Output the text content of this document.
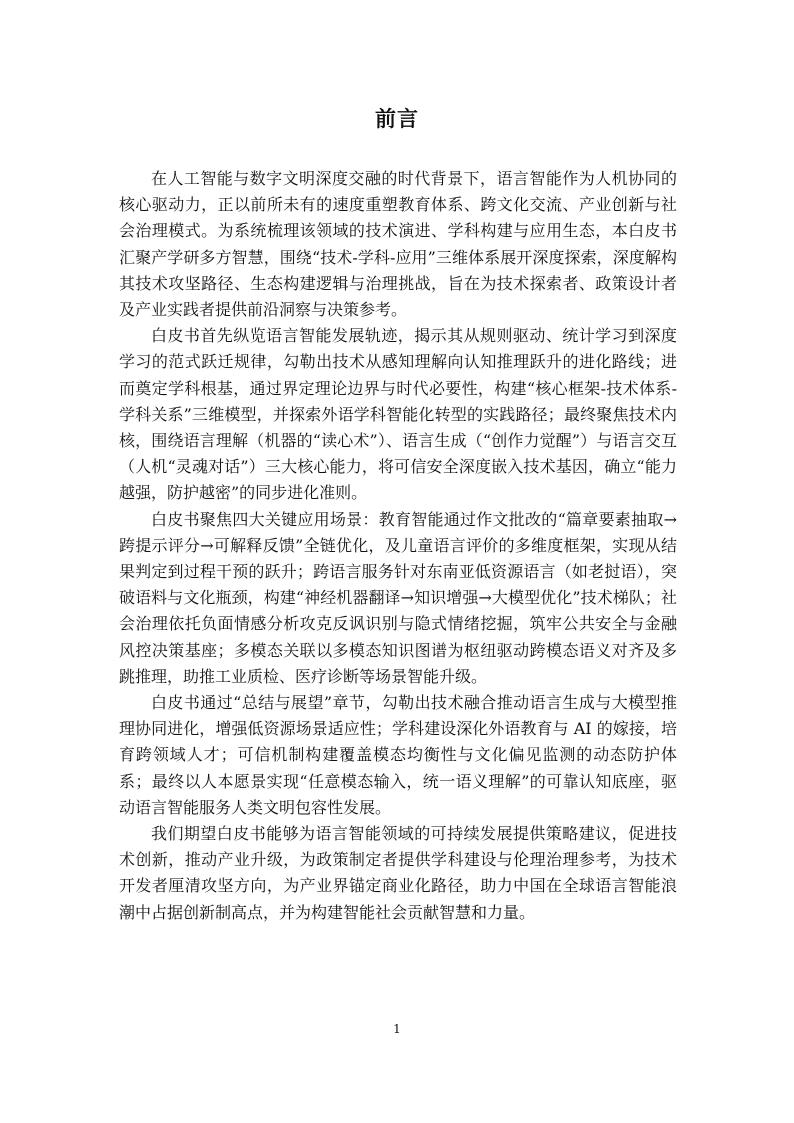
前言

在人工智能与数字文明深度交融的时代背景下，语言智能作为人机协同的核心驱动力，正以前所未有的速度重塑教育体系、跨文化交流、产业创新与社会治理模式。为系统梳理该领域的技术演进、学科构建与应用生态，本白皮书汇聚产学研多方智慧，围绕“技术-学科-应用”三维体系展开深度探索，深度解构其技术攻坚路径、生态构建逻辑与治理挑战，旨在为技术探索者、政策设计者及产业实践者提供前沿洞察与决策参考。

白皮书首先纵览语言智能发展轨迹，揭示其从规则驱动、统计学习到深度学习的范式跃迁规律，勾勒出技术从感知理解向认知推理跃升的进化路线；进而奠定学科根基，通过界定理论边界与时代必要性，构建“核心框架-技术体系-学科关系”三维模型，并探索外语学科智能化转型的实践路径；最终聚焦技术内核，围绕语言理解（机器的“读心术”）、语言生成（“创作力觉醒”）与语言交互（人机“灵魂对话”）三大核心能力，将可信安全深度嵌入技术基因，确立“能力越强，防护越密”的同步进化准则。

白皮书聚焦四大关键应用场景：教育智能通过作文批改的“篇章要素抽取→跨提示评分→可解释反馈”全链优化，及儿童语言评价的多维度框架，实现从结果判定到过程干预的跃升；跨语言服务针对东南亚低资源语言（如老挝语），突破语料与文化瓶颈，构建“神经机器翻译→知识增强→大模型优化”技术梯队；社会治理依托负面情感分析攻克反讽识别与隐式情绪挖掘，筑牢公共安全与金融风控决策基座；多模态关联以多模态知识图谱为枢纽驱动跨模态语义对齐及多跳推理，助推工业质检、医疗诊断等场景智能升级。

白皮书通过“总结与展望”章节，勾勒出技术融合推动语言生成与大模型推理协同进化，增强低资源场景适应性；学科建设深化外语教育与 AI 的嫁接，培育跨领域人才；可信机制构建覆盖模态均衡性与文化偏见监测的动态防护体系；最终以人本愿景实现“任意模态输入，统一语义理解”的可靠认知底座，驱动语言智能服务人类文明包容性发展。

我们期望白皮书能够为语言智能领域的可持续发展提供策略建议，促进技术创新，推动产业升级，为政策制定者提供学科建设与伦理治理参考，为技术开发者厘清攻坚方向，为产业界锚定商业化路径，助力中国在全球语言智能浪潮中占据创新制高点，并为构建智能社会贡献智慧和力量。

1
